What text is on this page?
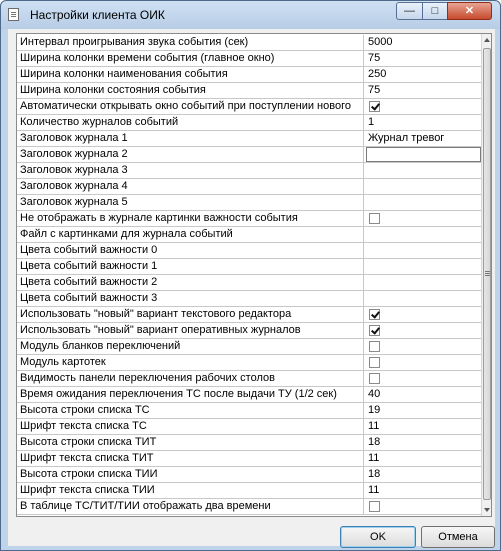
Настройки клиента ОИК	—	□	✕
Интервал проигрывания звука события (сек)	5000
Ширина колонки времени события (главное окно)	75
Ширина колонки наименования события	250
Ширина колонки состояния события	75
Автоматически открывать окно событий при поступлении нового
Количество журналов событий	1
Заголовок журнала 1	Журнал тревог
Заголовок журнала 2
Заголовок журнала 3
Заголовок журнала 4
Заголовок журнала 5
Не отображать в журнале картинки важности события
Файл с картинками для журнала событий
Цвета событий важности 0
Цвета событий важности 1
Цвета событий важности 2
Цвета событий важности 3
Использовать "новый" вариант текстового редактора
Использовать "новый" вариант оперативных журналов
Модуль бланков переключений
Модуль картотек
Видимость панели переключения рабочих столов
Время ожидания переключения ТС после выдачи ТУ (1/2 сек)	40
Высота строки списка ТС	19
Шрифт текста списка ТС	11
Высота строки списка ТИТ	18
Шрифт текста списка ТИТ	11
Высота строки списка ТИИ	18
Шрифт текста списка ТИИ	11
В таблице ТС/ТИТ/ТИИ отображать два времени
OK	Отмена
